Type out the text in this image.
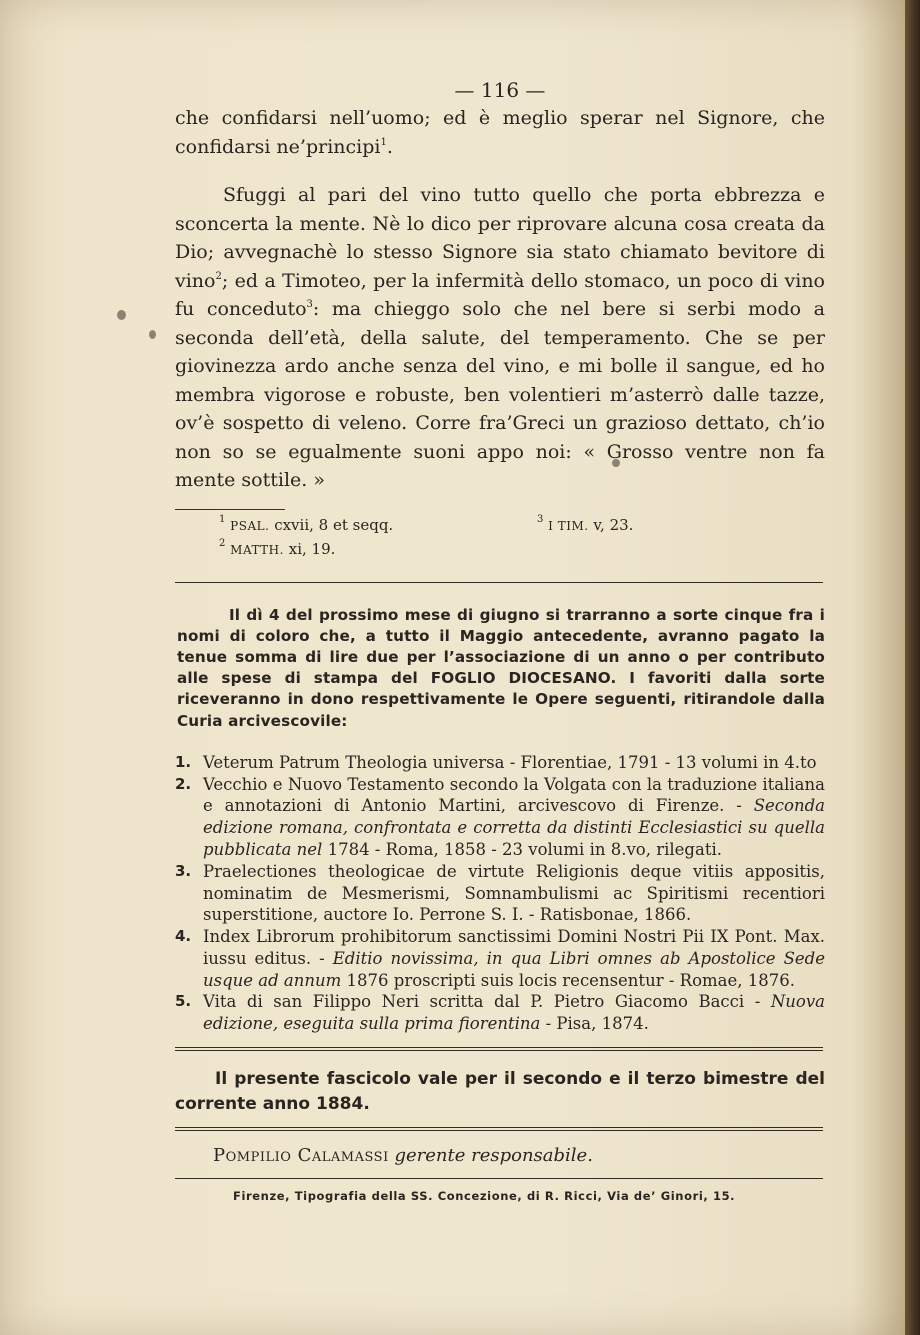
— 116 —

che confidarsi nell’uomo; ed è meglio sperar nel Signore, che confidarsi ne’principi$^1$.

Sfuggi al pari del vino tutto quello che porta ebbrezza e sconcerta la mente. Nè lo dico per riprovare alcuna cosa creata da Dio; avvegnachè lo stesso Signore sia stato chiamato bevitore di vino$^2$; ed a Timoteo, per la infermità dello stomaco, un poco di vino fu conceduto$^3$: ma chieggo solo che nel bere si serbi modo a seconda dell’età, della salute, del temperamento. Che se per giovinezza ardo anche senza del vino, e mi bolle il sangue, ed ho membra vigorose e robuste, ben volentieri m’asterrò dalle tazze, ov’è sospetto di veleno. Corre fra’Greci un grazioso dettato, ch’io non so se egualmente suoni appo noi: « Grosso ventre non fa mente sottile. »

$^1$ PSAL. cxvii, 8 et seqq.
$^2$ MATTH. xi, 19.
$^3$ I TIM. v, 23.
Il dì 4 del prossimo mese di giugno si trarranno a sorte cinque fra i nomi di coloro che, a tutto il Maggio antecedente, avranno pagato la tenue somma di lire due per l’associazione di un anno o per contributo alle spese di stampa del FOGLIO DIOCESANO. I favoriti dalla sorte riceveranno in dono respettivamente le Opere seguenti, ritirandole dalla Curia arcivescovile:
1. Veterum Patrum Theologia universa - Florentiae, 1791 - 13 volumi in 4.to
2. Vecchio e Nuovo Testamento secondo la Volgata con la traduzione italiana e annotazioni di Antonio Martini, arcivescovo di Firenze. - Seconda edizione romana, confrontata e corretta da distinti Ecclesiastici su quella pubblicata nel 1784 - Roma, 1858 - 23 volumi in 8.vo, rilegati.
3. Praelectiones theologicae de virtute Religionis deque vitiis appositis, nominatim de Mesmerismi, Somnambulismi ac Spiritismi recentiori superstitione, auctore Io. Perrone S. I. - Ratisbonae, 1866.
4. Index Librorum prohibitorum sanctissimi Domini Nostri Pii IX Pont. Max. iussu editus. - Editio novissima, in qua Libri omnes ab Apostolice Sede usque ad annum 1876 proscripti suis locis recensentur - Romae, 1876.
5. Vita di san Filippo Neri scritta dal P. Pietro Giacomo Bacci - Nuova edizione, eseguita sulla prima fiorentina - Pisa, 1874.
Il presente fascicolo vale per il secondo e il terzo bimestre del corrente anno 1884.
Pompilio Calamassi gerente responsabile.
Firenze, Tipografia della SS. Concezione, di R. Ricci, Via de’ Ginori, 15.
